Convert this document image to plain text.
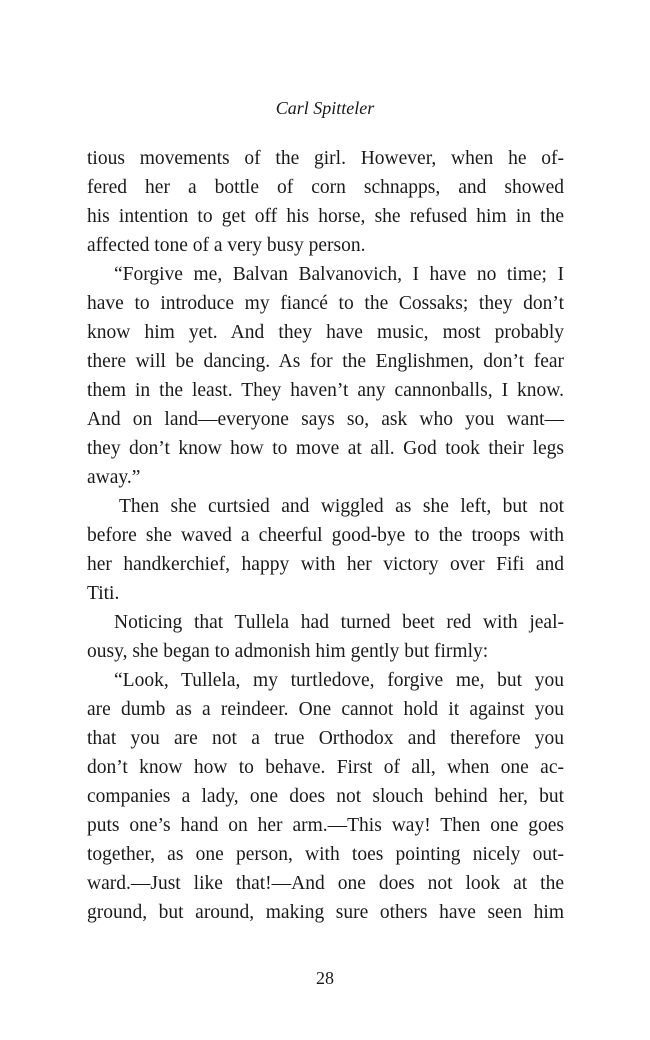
Carl Spitteler
tious movements of the girl. However, when he of-
fered her a bottle of corn schnapps, and showed
his intention to get off his horse, she refused him in the
affected tone of a very busy person.
“Forgive me, Balvan Balvanovich, I have no time; I
have to introduce my fiancé to the Cossaks; they don’t
know him yet. And they have music, most probably
there will be dancing. As for the Englishmen, don’t fear
them in the least. They haven’t any cannonballs, I know.
And on land—everyone says so, ask who you want—
they don’t know how to move at all. God took their legs
away.”
Then she curtsied and wiggled as she left, but not
before she waved a cheerful good-bye to the troops with
her handkerchief, happy with her victory over Fifi and
Titi.
Noticing that Tullela had turned beet red with jeal-
ousy, she began to admonish him gently but firmly:
“Look, Tullela, my turtledove, forgive me, but you
are dumb as a reindeer. One cannot hold it against you
that you are not a true Orthodox and therefore you
don’t know how to behave. First of all, when one ac-
companies a lady, one does not slouch behind her, but
puts one’s hand on her arm.—This way! Then one goes
together, as one person, with toes pointing nicely out-
ward.—Just like that!—And one does not look at the
ground, but around, making sure others have seen him
28
